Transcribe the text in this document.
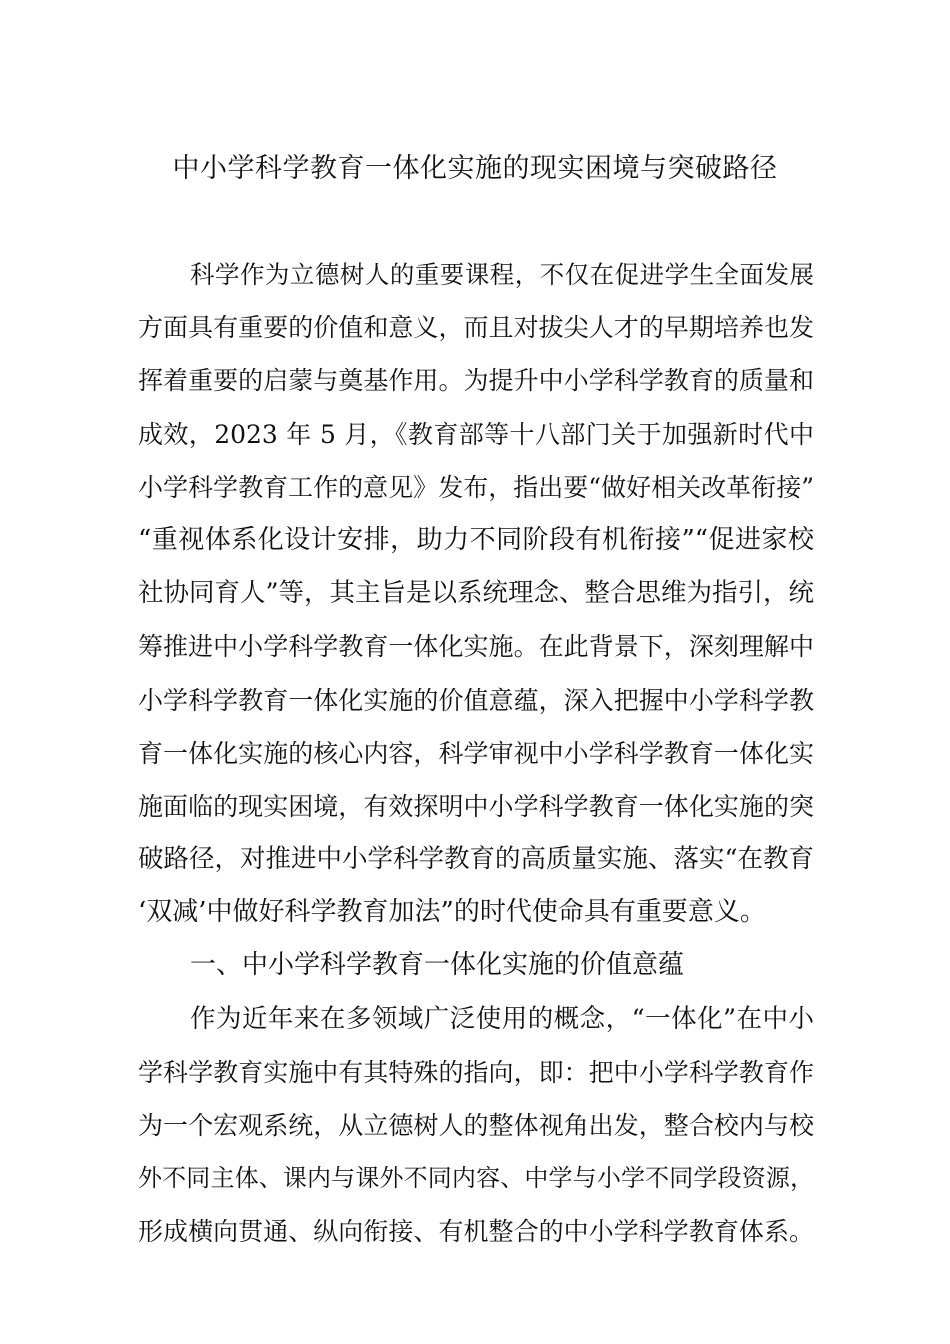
中小学科学教育一体化实施的现实困境与突破路径
科学作为立德树人的重要课程，不仅在促进学生全面发展
方面具有重要的价值和意义，而且对拔尖人才的早期培养也发
挥着重要的启蒙与奠基作用。为提升中小学科学教育的质量和
成效，2023 年 5 月，《教育部等十八部门关于加强新时代中
小学科学教育工作的意见》发布，指出要“做好相关改革衔接”
“重视体系化设计安排，助力不同阶段有机衔接”“促进家校
社协同育人”等，其主旨是以系统理念、整合思维为指引，统
筹推进中小学科学教育一体化实施。在此背景下，深刻理解中
小学科学教育一体化实施的价值意蕴，深入把握中小学科学教
育一体化实施的核心内容，科学审视中小学科学教育一体化实
施面临的现实困境，有效探明中小学科学教育一体化实施的突
破路径，对推进中小学科学教育的高质量实施、落实“在教育
‘双减’中做好科学教育加法”的时代使命具有重要意义。
一、中小学科学教育一体化实施的价值意蕴
作为近年来在多领域广泛使用的概念，“一体化”在中小
学科学教育实施中有其特殊的指向，即：把中小学科学教育作
为一个宏观系统，从立德树人的整体视角出发，整合校内与校
外不同主体、课内与课外不同内容、中学与小学不同学段资源，
形成横向贯通、纵向衔接、有机整合的中小学科学教育体系。
